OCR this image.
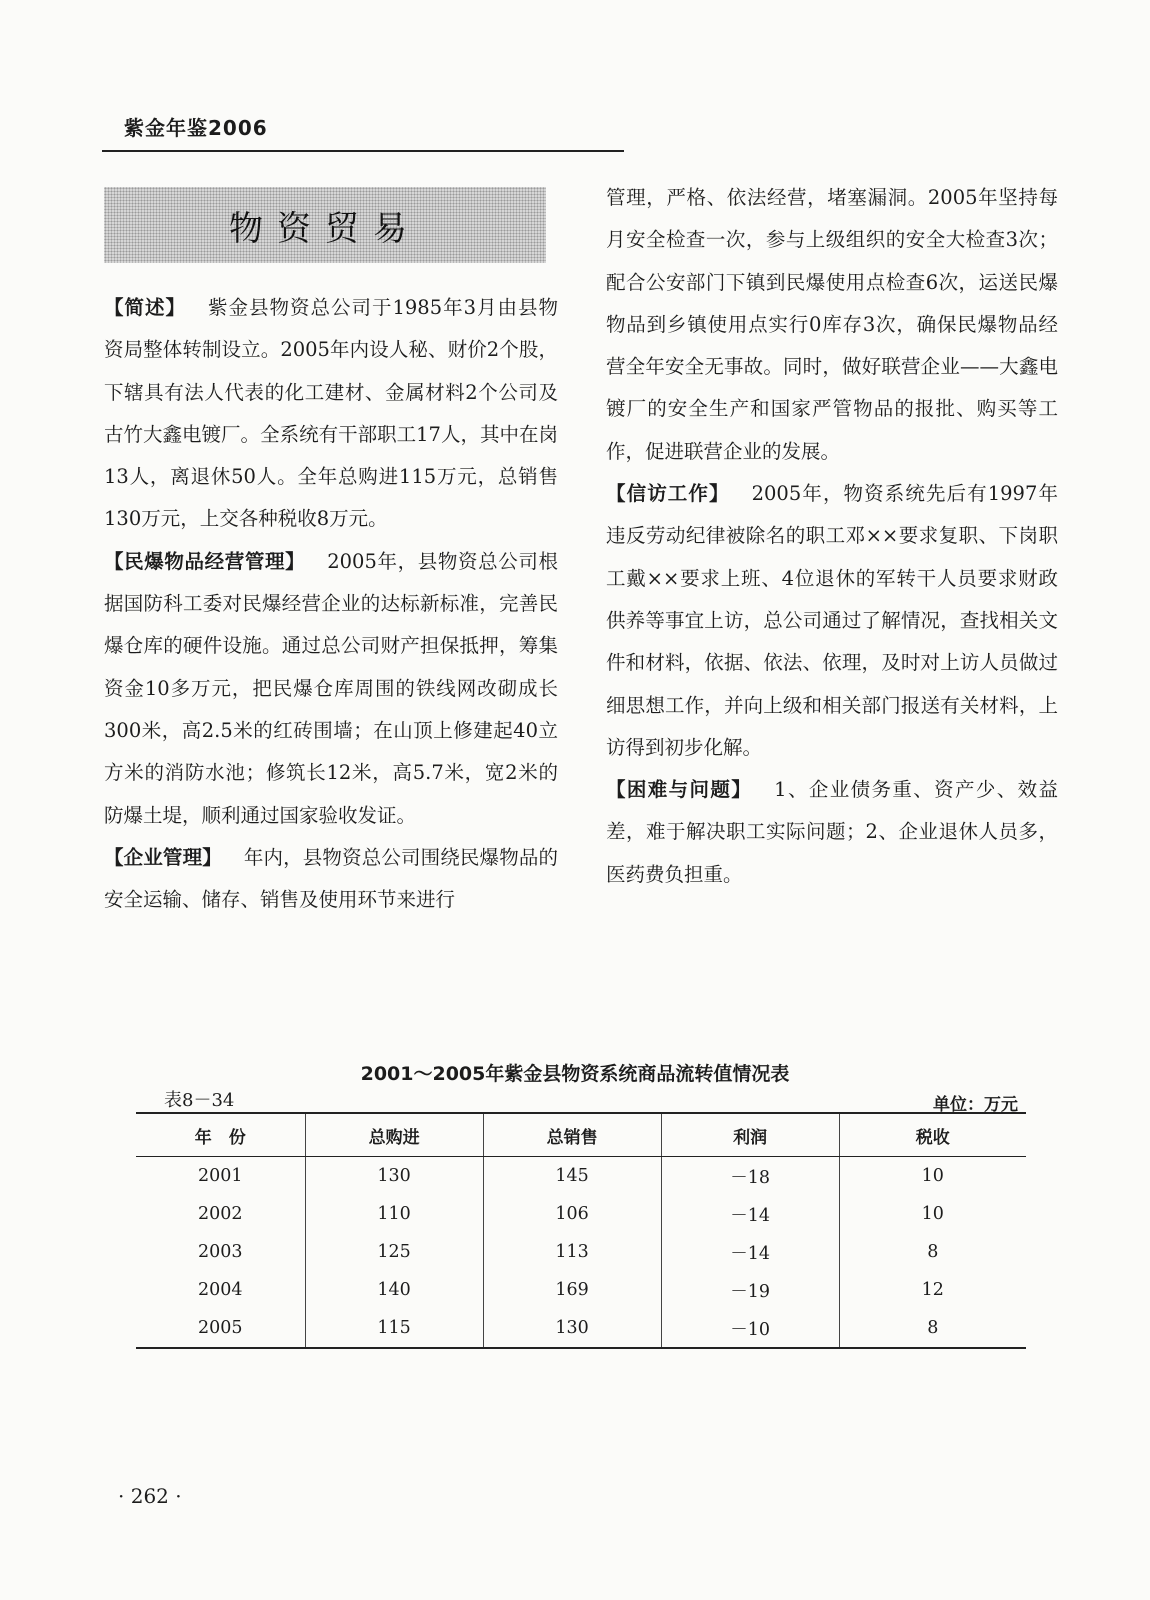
紫金年鉴2006
物资贸易

【简述】 紫金县物资总公司于1985年3月由县物资局整体转制设立。2005年内设人秘、财价2个股，下辖具有法人代表的化工建材、金属材料2个公司及古竹大鑫电镀厂。全系统有干部职工17人，其中在岗13人，离退休50人。全年总购进115万元，总销售130万元，上交各种税收8万元。

【民爆物品经营管理】 2005年，县物资总公司根据国防科工委对民爆经营企业的达标新标准，完善民爆仓库的硬件设施。通过总公司财产担保抵押，筹集资金10多万元，把民爆仓库周围的铁线网改砌成长300米，高2.5米的红砖围墙；在山顶上修建起40立方米的消防水池；修筑长12米，高5.7米，宽2米的防爆土堤，顺利通过国家验收发证。

【企业管理】 年内，县物资总公司围绕民爆物品的安全运输、储存、销售及使用环节来进行

管理，严格、依法经营，堵塞漏洞。2005年坚持每月安全检查一次，参与上级组织的安全大检查3次；配合公安部门下镇到民爆使用点检查6次，运送民爆物品到乡镇使用点实行0库存3次，确保民爆物品经营全年安全无事故。同时，做好联营企业——大鑫电镀厂的安全生产和国家严管物品的报批、购买等工作，促进联营企业的发展。

【信访工作】 2005年，物资系统先后有1997年违反劳动纪律被除名的职工邓××要求复职、下岗职工戴××要求上班、4位退休的军转干人员要求财政供养等事宜上访，总公司通过了解情况，查找相关文件和材料，依据、依法、依理，及时对上访人员做过细思想工作，并向上级和相关部门报送有关材料，上访得到初步化解。

【困难与问题】 1、企业债务重、资产少、效益差，难于解决职工实际问题；2、企业退休人员多，医药费负担重。

2001～2005年紫金县物资系统商品流转值情况表
表8－34	单位：万元
年　份	总购进	总销售	利润	税收
2001	130	145	－18	10
2002	110	106	－14	10
2003	125	113	－14	8
2004	140	169	－19	12
2005	115	130	－10	8
· 262 ·
